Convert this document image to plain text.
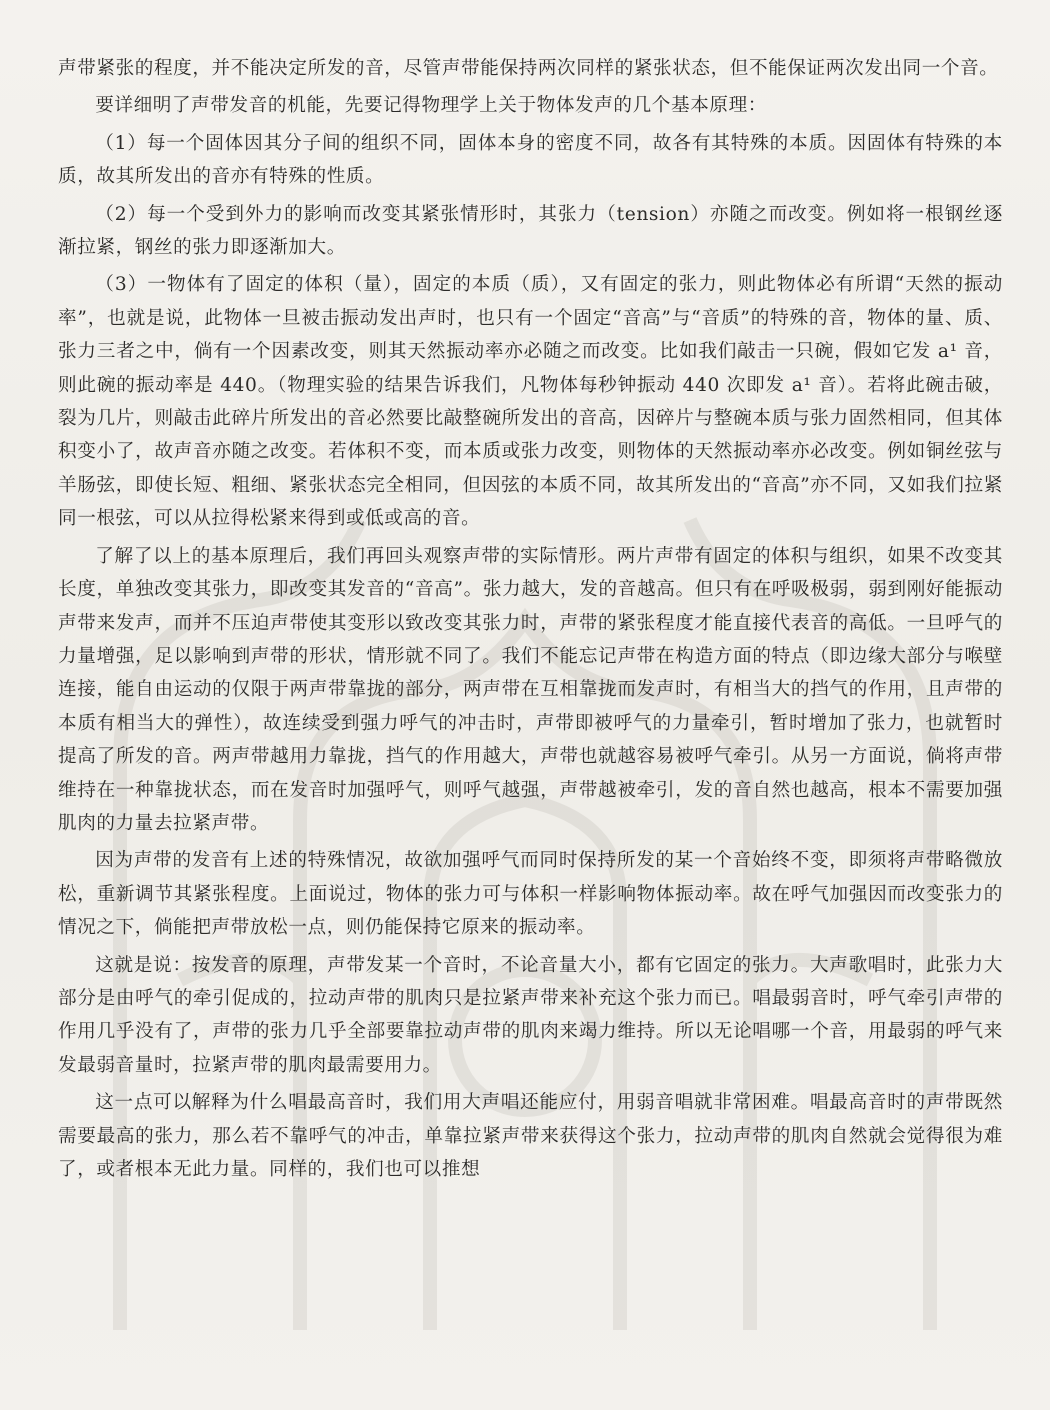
声带紧张的程度，并不能决定所发的音，尽管声带能保持两次同样的紧张状态，但不能保证两次发出同一个音。

要详细明了声带发音的机能，先要记得物理学上关于物体发声的几个基本原理：

（1）每一个固体因其分子间的组织不同，固体本身的密度不同，故各有其特殊的本质。因固体有特殊的本质，故其所发出的音亦有特殊的性质。

（2）每一个受到外力的影响而改变其紧张情形时，其张力（tension）亦随之而改变。例如将一根钢丝逐渐拉紧，钢丝的张力即逐渐加大。

（3）一物体有了固定的体积（量），固定的本质（质），又有固定的张力，则此物体必有所谓“天然的振动率”，也就是说，此物体一旦被击振动发出声时，也只有一个固定“音高”与“音质”的特殊的音，物体的量、质、张力三者之中，倘有一个因素改变，则其天然振动率亦必随之而改变。比如我们敲击一只碗，假如它发 a¹ 音，则此碗的振动率是 440。（物理实验的结果告诉我们，凡物体每秒钟振动 440 次即发 a¹ 音）。若将此碗击破，裂为几片，则敲击此碎片所发出的音必然要比敲整碗所发出的音高，因碎片与整碗本质与张力固然相同，但其体积变小了，故声音亦随之改变。若体积不变，而本质或张力改变，则物体的天然振动率亦必改变。例如铜丝弦与羊肠弦，即使长短、粗细、紧张状态完全相同，但因弦的本质不同，故其所发出的“音高”亦不同，又如我们拉紧同一根弦，可以从拉得松紧来得到或低或高的音。

了解了以上的基本原理后，我们再回头观察声带的实际情形。两片声带有固定的体积与组织，如果不改变其长度，单独改变其张力，即改变其发音的“音高”。张力越大，发的音越高。但只有在呼吸极弱，弱到刚好能振动声带来发声，而并不压迫声带使其变形以致改变其张力时，声带的紧张程度才能直接代表音的高低。一旦呼气的力量增强，足以影响到声带的形状，情形就不同了。我们不能忘记声带在构造方面的特点（即边缘大部分与喉壁连接，能自由运动的仅限于两声带靠拢的部分，两声带在互相靠拢而发声时，有相当大的挡气的作用，且声带的本质有相当大的弹性），故连续受到强力呼气的冲击时，声带即被呼气的力量牵引，暂时增加了张力，也就暂时提高了所发的音。两声带越用力靠拢，挡气的作用越大，声带也就越容易被呼气牵引。从另一方面说，倘将声带维持在一种靠拢状态，而在发音时加强呼气，则呼气越强，声带越被牵引，发的音自然也越高，根本不需要加强肌肉的力量去拉紧声带。

因为声带的发音有上述的特殊情况，故欲加强呼气而同时保持所发的某一个音始终不变，即须将声带略微放松，重新调节其紧张程度。上面说过，物体的张力可与体积一样影响物体振动率。故在呼气加强因而改变张力的情况之下，倘能把声带放松一点，则仍能保持它原来的振动率。

这就是说：按发音的原理，声带发某一个音时，不论音量大小，都有它固定的张力。大声歌唱时，此张力大部分是由呼气的牵引促成的，拉动声带的肌肉只是拉紧声带来补充这个张力而已。唱最弱音时，呼气牵引声带的作用几乎没有了，声带的张力几乎全部要靠拉动声带的肌肉来竭力维持。所以无论唱哪一个音，用最弱的呼气来发最弱音量时，拉紧声带的肌肉最需要用力。

这一点可以解释为什么唱最高音时，我们用大声唱还能应付，用弱音唱就非常困难。唱最高音时的声带既然需要最高的张力，那么若不靠呼气的冲击，单靠拉紧声带来获得这个张力，拉动声带的肌肉自然就会觉得很为难了，或者根本无此力量。同样的，我们也可以推想
